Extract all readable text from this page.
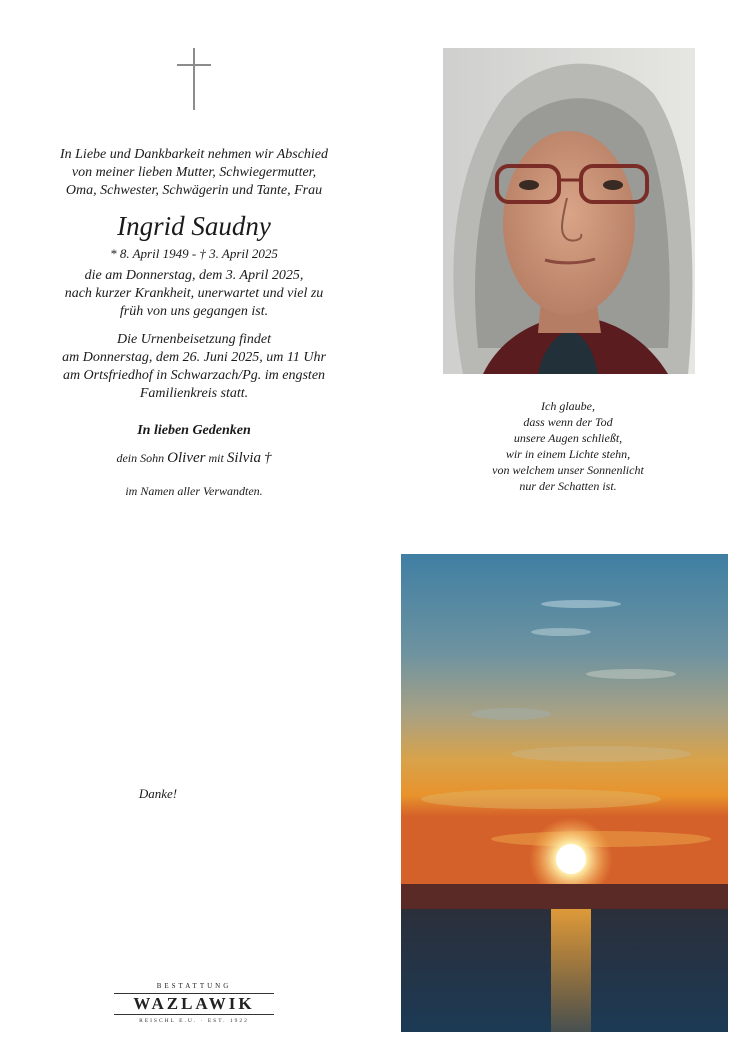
In Liebe und Dankbarkeit nehmen wir Abschied
von meiner lieben Mutter, Schwiegermutter,
Oma, Schwester, Schwägerin und Tante, Frau
Ingrid Saudny
* 8. April 1949 - † 3. April 2025
die am Donnerstag, dem 3. April 2025,
nach kurzer Krankheit, unerwartet und viel zu
früh von uns gegangen ist.
Die Urnenbeisetzung findet
am Donnerstag, dem 26. Juni 2025, um 11 Uhr
am Ortsfriedhof in Schwarzach/Pg. im engsten
Familienkreis statt.
In lieben Gedenken
dein Sohn Oliver mit Silvia †
im Namen aller Verwandten.
Danke!
Ich glaube,
dass wenn der Tod
unsere Augen schließt,
wir in einem Lichte stehn,
von welchem unser Sonnenlicht
nur der Schatten ist.
BESTATTUNG
WAZLAWIK
REISCHL E.U. · EST. 1922
